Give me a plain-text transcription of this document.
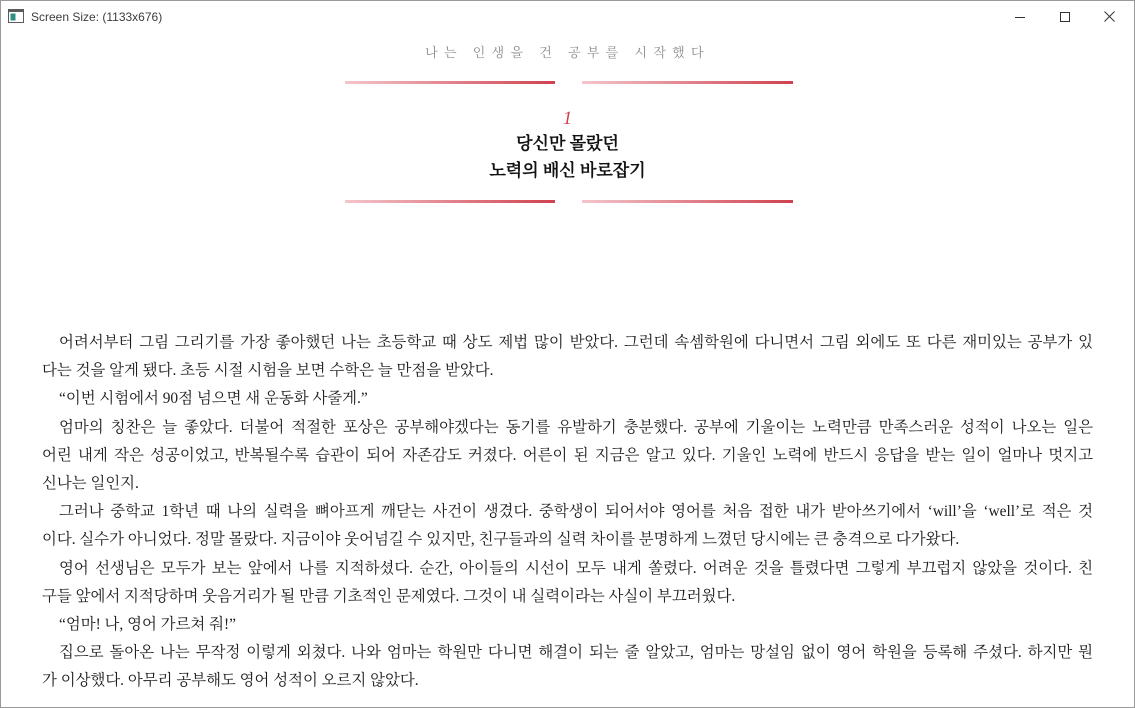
Screen Size: (1133x676)
나는 인생을 건 공부를 시작했다
1
당신만 몰랐던
노력의 배신 바로잡기
어려서부터 그림 그리기를 가장 좋아했던 나는 초등학교 때 상도 제법 많이 받았다. 그런데 속셈학원에 다니면서 그림 외에도 또 다른 재미있는 공부가 있
다는 것을 알게 됐다. 초등 시절 시험을 보면 수학은 늘 만점을 받았다.
“이번 시험에서 90점 넘으면 새 운동화 사줄게.”
엄마의 칭찬은 늘 좋았다. 더불어 적절한 포상은 공부해야겠다는 동기를 유발하기 충분했다. 공부에 기울이는 노력만큼 만족스러운 성적이 나오는 일은
어린 내게 작은 성공이었고, 반복될수록 습관이 되어 자존감도 커졌다. 어른이 된 지금은 알고 있다. 기울인 노력에 반드시 응답을 받는 일이 얼마나 멋지고
신나는 일인지.
그러나 중학교 1학년 때 나의 실력을 뼈아프게 깨닫는 사건이 생겼다. 중학생이 되어서야 영어를 처음 접한 내가 받아쓰기에서 ‘will’을 ‘well’로 적은 것
이다. 실수가 아니었다. 정말 몰랐다. 지금이야 웃어넘길 수 있지만, 친구들과의 실력 차이를 분명하게 느꼈던 당시에는 큰 충격으로 다가왔다.
영어 선생님은 모두가 보는 앞에서 나를 지적하셨다. 순간, 아이들의 시선이 모두 내게 쏠렸다. 어려운 것을 틀렸다면 그렇게 부끄럽지 않았을 것이다. 친
구들 앞에서 지적당하며 웃음거리가 될 만큼 기초적인 문제였다. 그것이 내 실력이라는 사실이 부끄러웠다.
“엄마! 나, 영어 가르쳐 줘!”
집으로 돌아온 나는 무작정 이렇게 외쳤다. 나와 엄마는 학원만 다니면 해결이 되는 줄 알았고, 엄마는 망설임 없이 영어 학원을 등록해 주셨다. 하지만 뭔
가 이상했다. 아무리 공부해도 영어 성적이 오르지 않았다.
